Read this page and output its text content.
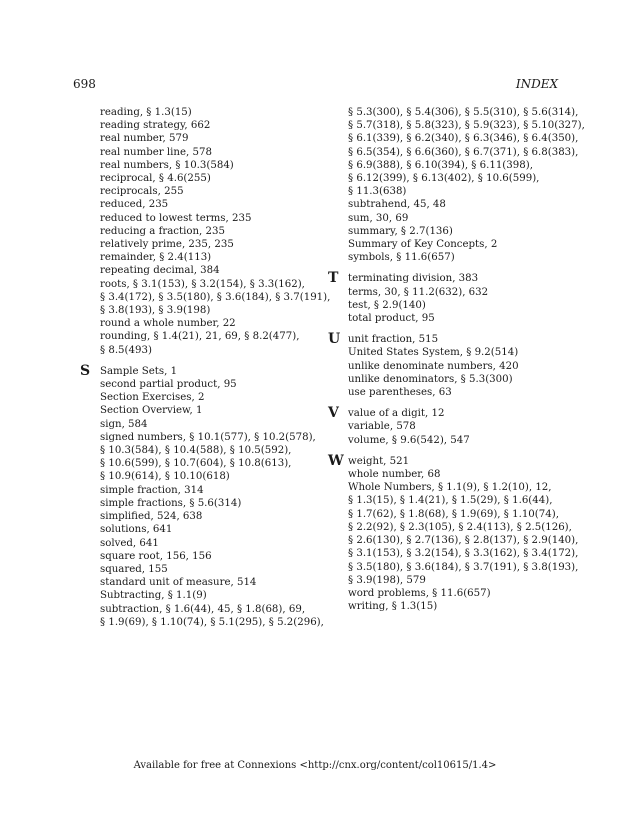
698	INDEX
reading, § 1.3(15)
reading strategy, 662
real number, 579
real number line, 578
real numbers, § 10.3(584)
reciprocal, § 4.6(255)
reciprocals, 255
reduced, 235
reduced to lowest terms, 235
reducing a fraction, 235
relatively prime, 235, 235
remainder, § 2.4(113)
repeating decimal, 384
roots, § 3.1(153), § 3.2(154), § 3.3(162),
§ 3.4(172), § 3.5(180), § 3.6(184), § 3.7(191),
§ 3.8(193), § 3.9(198)
round a whole number, 22
rounding, § 1.4(21), 21, 69, § 8.2(477),
§ 8.5(493)
S Sample Sets, 1
second partial product, 95
Section Exercises, 2
Section Overview, 1
sign, 584
signed numbers, § 10.1(577), § 10.2(578),
§ 10.3(584), § 10.4(588), § 10.5(592),
§ 10.6(599), § 10.7(604), § 10.8(613),
§ 10.9(614), § 10.10(618)
simple fraction, 314
simple fractions, § 5.6(314)
simplified, 524, 638
solutions, 641
solved, 641
square root, 156, 156
squared, 155
standard unit of measure, 514
Subtracting, § 1.1(9)
subtraction, § 1.6(44), 45, § 1.8(68), 69,
§ 1.9(69), § 1.10(74), § 5.1(295), § 5.2(296),
§ 5.3(300), § 5.4(306), § 5.5(310), § 5.6(314),
§ 5.7(318), § 5.8(323), § 5.9(323), § 5.10(327),
§ 6.1(339), § 6.2(340), § 6.3(346), § 6.4(350),
§ 6.5(354), § 6.6(360), § 6.7(371), § 6.8(383),
§ 6.9(388), § 6.10(394), § 6.11(398),
§ 6.12(399), § 6.13(402), § 10.6(599),
§ 11.3(638)
subtrahend, 45, 48
sum, 30, 69
summary, § 2.7(136)
Summary of Key Concepts, 2
symbols, § 11.6(657)
T terminating division, 383
terms, 30, § 11.2(632), 632
test, § 2.9(140)
total product, 95
U unit fraction, 515
United States System, § 9.2(514)
unlike denominate numbers, 420
unlike denominators, § 5.3(300)
use parentheses, 63
V value of a digit, 12
variable, 578
volume, § 9.6(542), 547
W weight, 521
whole number, 68
Whole Numbers, § 1.1(9), § 1.2(10), 12,
§ 1.3(15), § 1.4(21), § 1.5(29), § 1.6(44),
§ 1.7(62), § 1.8(68), § 1.9(69), § 1.10(74),
§ 2.2(92), § 2.3(105), § 2.4(113), § 2.5(126),
§ 2.6(130), § 2.7(136), § 2.8(137), § 2.9(140),
§ 3.1(153), § 3.2(154), § 3.3(162), § 3.4(172),
§ 3.5(180), § 3.6(184), § 3.7(191), § 3.8(193),
§ 3.9(198), 579
word problems, § 11.6(657)
writing, § 1.3(15)
Available for free at Connexions <http://cnx.org/content/col10615/1.4>
